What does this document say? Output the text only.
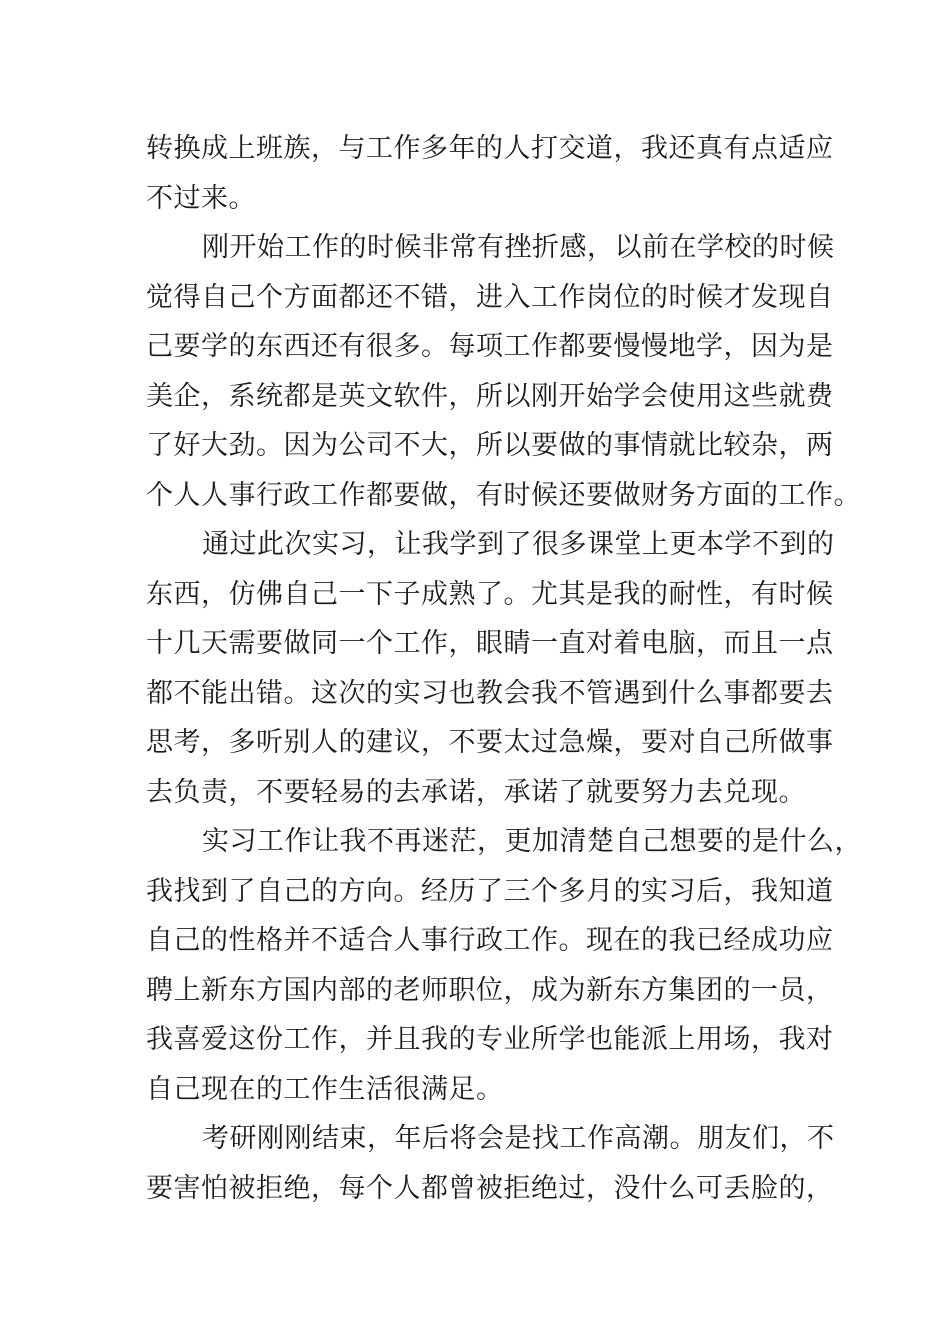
转换成上班族，与工作多年的人打交道，我还真有点适应
不过来。
刚开始工作的时候非常有挫折感，以前在学校的时候
觉得自己个方面都还不错，进入工作岗位的时候才发现自
己要学的东西还有很多。每项工作都要慢慢地学，因为是
美企，系统都是英文软件，所以刚开始学会使用这些就费
了好大劲。因为公司不大，所以要做的事情就比较杂，两
个人人事行政工作都要做，有时候还要做财务方面的工作。
通过此次实习，让我学到了很多课堂上更本学不到的
东西，仿佛自己一下子成熟了。尤其是我的耐性，有时候
十几天需要做同一个工作，眼睛一直对着电脑，而且一点
都不能出错。这次的实习也教会我不管遇到什么事都要去
思考，多听别人的建议，不要太过急燥，要对自己所做事
去负责，不要轻易的去承诺，承诺了就要努力去兑现。
实习工作让我不再迷茫，更加清楚自己想要的是什么，
我找到了自己的方向。经历了三个多月的实习后，我知道
自己的性格并不适合人事行政工作。现在的我已经成功应
聘上新东方国内部的老师职位，成为新东方集团的一员，
我喜爱这份工作，并且我的专业所学也能派上用场，我对
自己现在的工作生活很满足。
考研刚刚结束，年后将会是找工作高潮。朋友们，不
要害怕被拒绝，每个人都曾被拒绝过，没什么可丢脸的，
